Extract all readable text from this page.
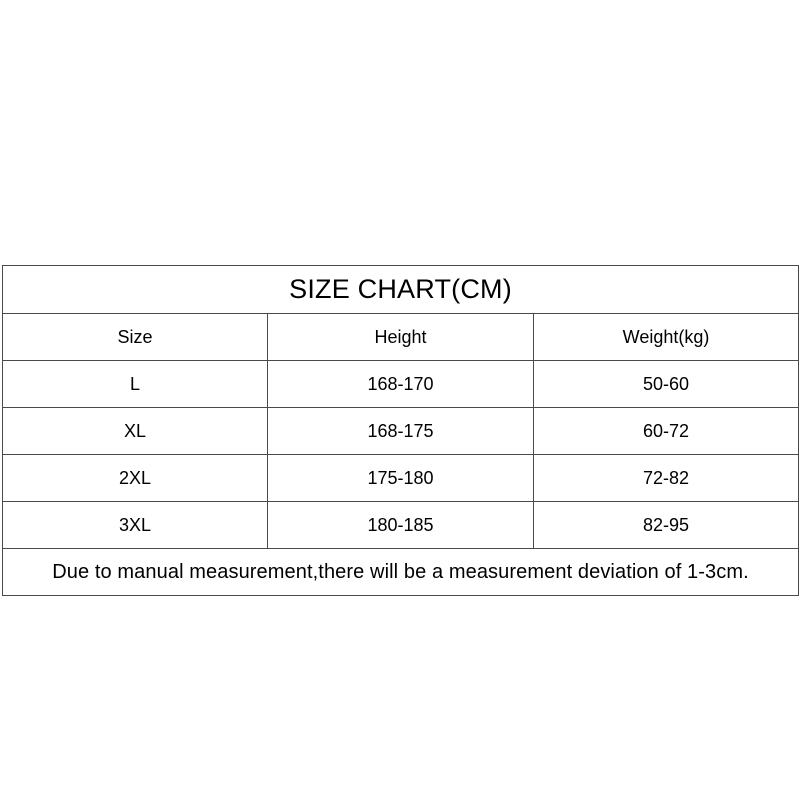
SIZE CHART(CM)		
Size	Height	Weight(kg)
L	168-170	50-60
XL	168-175	60-72
2XL	175-180	72-82
3XL	180-185	82-95
Due to manual measurement,there will be a measurement deviation of 1-3cm.		
